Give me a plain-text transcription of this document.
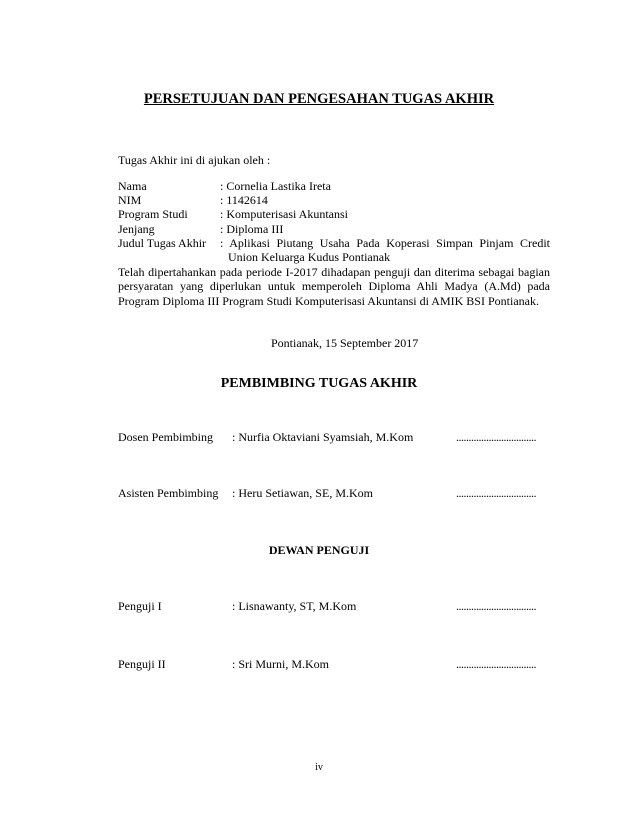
PERSETUJUAN DAN PENGESAHAN TUGAS AKHIR
Tugas Akhir ini di ajukan oleh :
Nama	: Cornelia Lastika Ireta
NIM	: 1142614
Program Studi	: Komputerisasi Akuntansi
Jenjang	: Diploma III
Judul Tugas Akhir : Aplikasi Piutang Usaha Pada Koperasi Simpan Pinjam Credit
Union Keluarga Kudus Pontianak
Telah dipertahankan pada periode I-2017 dihadapan penguji dan diterima sebagai bagian persyaratan yang diperlukan untuk memperoleh Diploma Ahli Madya (A.Md) pada Program Diploma III Program Studi Komputerisasi Akuntansi di AMIK BSI Pontianak.
Pontianak, 15 September 2017
PEMBIMBING TUGAS AKHIR
Dosen Pembimbing : Nurfia Oktaviani Syamsiah, M.Kom	................................
Asisten Pembimbing : Heru Setiawan, SE, M.Kom	................................
DEWAN PENGUJI
Penguji I	: Lisnawanty, ST, M.Kom	................................
Penguji II	: Sri Murni, M.Kom	................................
iv
